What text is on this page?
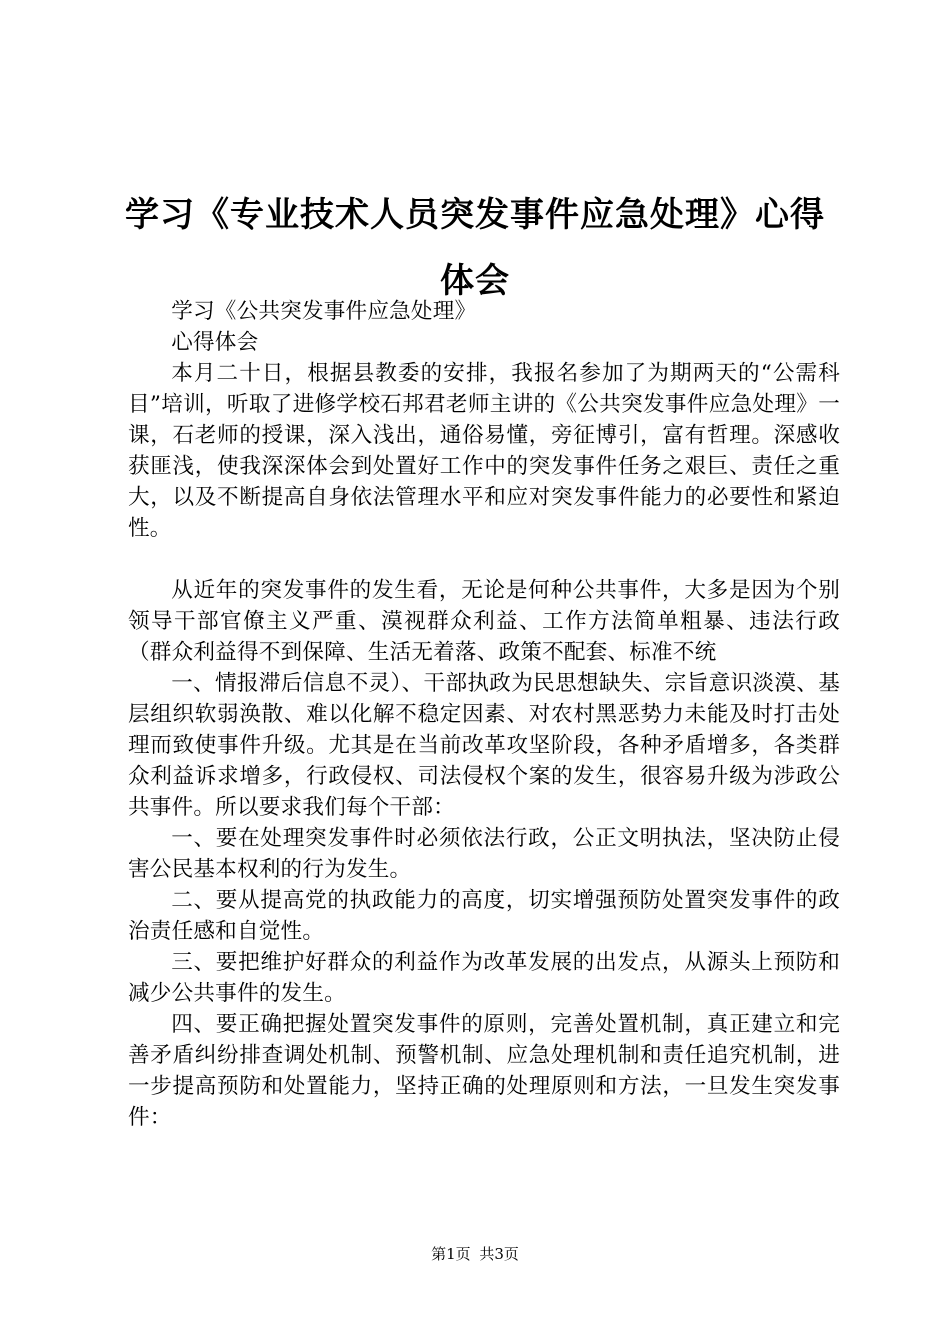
学习《专业技术人员突发事件应急处理》心得体会

学习《公共突发事件应急处理》

心得体会

本月二十日，根据县教委的安排，我报名参加了为期两天的“公需科目”培训，听取了进修学校石邦君老师主讲的《公共突发事件应急处理》一课，石老师的授课，深入浅出，通俗易懂，旁征博引，富有哲理。深感收获匪浅，使我深深体会到处置好工作中的突发事件任务之艰巨、责任之重大，以及不断提高自身依法管理水平和应对突发事件能力的必要性和紧迫性。

从近年的突发事件的发生看，无论是何种公共事件，大多是因为个别领导干部官僚主义严重、漠视群众利益、工作方法简单粗暴、违法行政（群众利益得不到保障、生活无着落、政策不配套、标准不统

一、情报滞后信息不灵）、干部执政为民思想缺失、宗旨意识淡漠、基层组织软弱涣散、难以化解不稳定因素、对农村黑恶势力未能及时打击处理而致使事件升级。尤其是在当前改革攻坚阶段，各种矛盾增多，各类群众利益诉求增多，行政侵权、司法侵权个案的发生，很容易升级为涉政公共事件。所以要求我们每个干部：

一、要在处理突发事件时必须依法行政，公正文明执法，坚决防止侵害公民基本权利的行为发生。

二、要从提高党的执政能力的高度，切实增强预防处置突发事件的政治责任感和自觉性。

三、要把维护好群众的利益作为改革发展的出发点，从源头上预防和减少公共事件的发生。

四、要正确把握处置突发事件的原则，完善处置机制，真正建立和完善矛盾纠纷排查调处机制、预警机制、应急处理机制和责任追究机制，进一步提高预防和处置能力，坚持正确的处理原则和方法，一旦发生突发事件：

第1页 共3页
